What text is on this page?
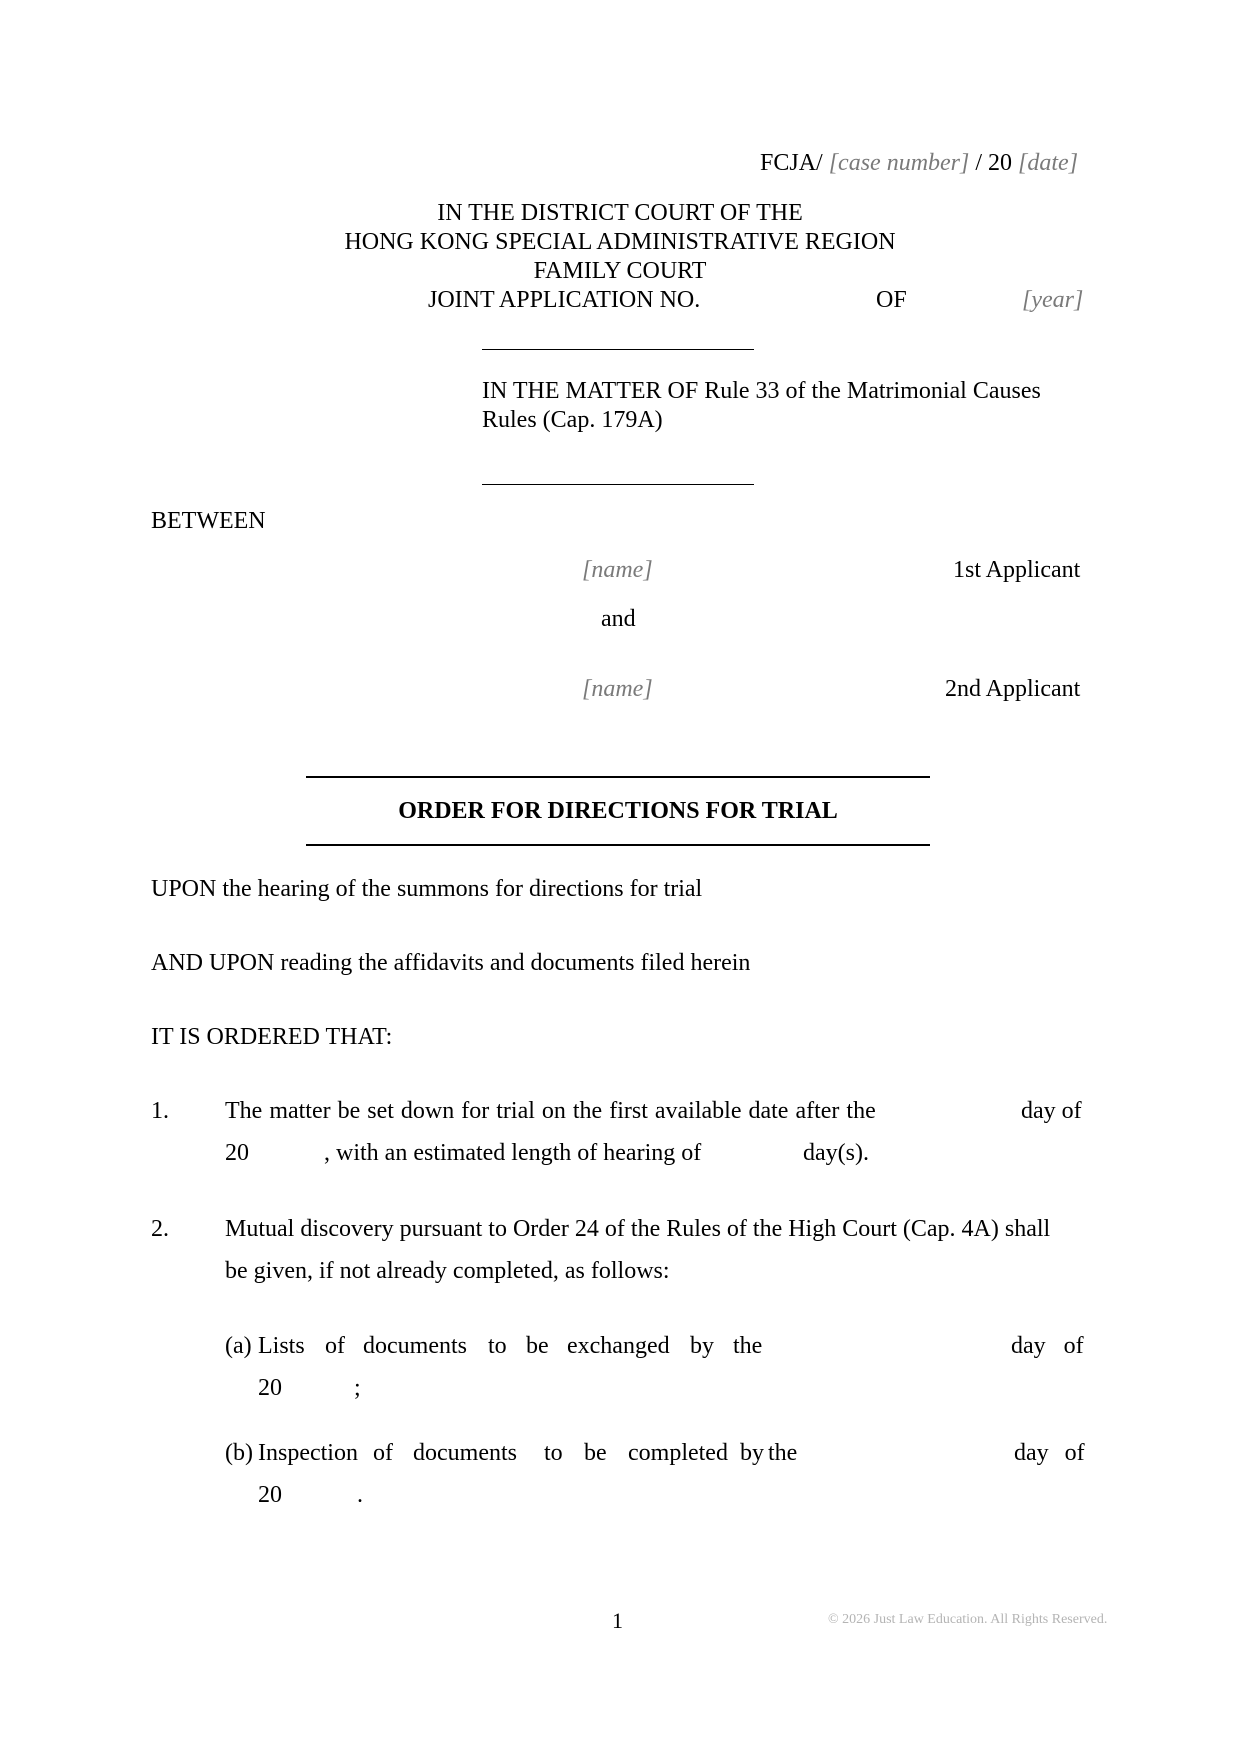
FCJA/ [case number] / 20 [date]
IN THE DISTRICT COURT OF THE
HONG KONG SPECIAL ADMINISTRATIVE REGION
FAMILY COURT
JOINT APPLICATION NO.	OF	[year]
IN THE MATTER OF Rule 33 of the Matrimonial Causes
Rules (Cap. 179A)
BETWEEN
[name]	1st Applicant
and
[name]	2nd Applicant
ORDER FOR DIRECTIONS FOR TRIAL
UPON the hearing of the summons for directions for trial
AND UPON reading the affidavits and documents filed herein
IT IS ORDERED THAT:
1. The matter be set down for trial on the first available date after the	day of
20	, with an estimated length of hearing of	day(s).
2. Mutual discovery pursuant to Order 24 of the Rules of the High Court (Cap. 4A) shall
be given, if not already completed, as follows:
(a) Lists of documents to be exchanged by the	day of
20	;
(b) Inspection of documents to be completed by the	day of
20	.
1	© 2026 Just Law Education. All Rights Reserved.
